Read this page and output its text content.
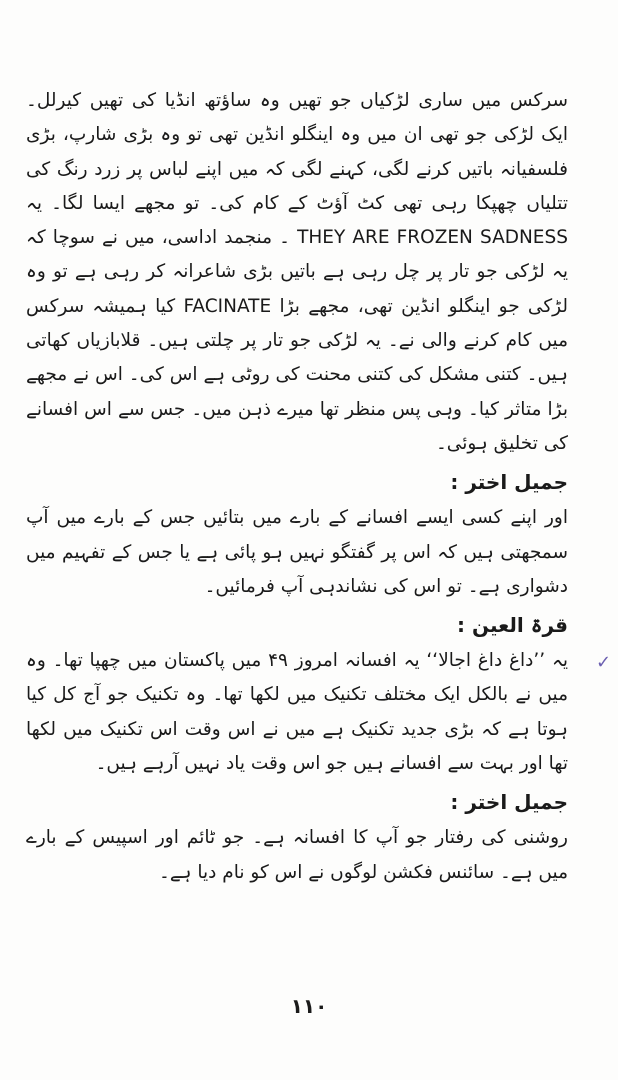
سرکس میں ساری لڑکیاں جو تھیں وہ ساؤتھ انڈیا کی تھیں کیرلل۔ ایک لڑکی جو تھی ان میں وہ اینگلو انڈین تھی تو وہ بڑی شارپ، بڑی فلسفیانہ باتیں کرنے لگی، کہنے لگی کہ میں اپنے لباس پر زرد رنگ کی تتلیاں چھپکا رہی تھی کٹ آؤٹ کے کام کی۔ تو مجھے ایسا لگا۔ یہ THEY ARE FROZEN SADNESS ۔ منجمد اداسی، میں نے سوچا کہ یہ لڑکی جو تار پر چل رہی ہے باتیں بڑی شاعرانہ کر رہی ہے تو وہ لڑکی جو اینگلو انڈین تھی، مجھے بڑا FACINATE کیا ہمیشہ سرکس میں کام کرنے والی نے۔ یہ لڑکی جو تار پر چلتی ہیں۔ قلابازیاں کھاتی ہیں۔ کتنی مشکل کی کتنی محنت کی روٹی ہے اس کی۔ اس نے مجھے بڑا متاثر کیا۔ وہی پس منظر تھا میرے ذہن میں۔ جس سے اس افسانے کی تخلیق ہوئی۔

جمیل اختر :

اور اپنے کسی ایسے افسانے کے بارے میں بتائیں جس کے بارے میں آپ سمجھتی ہیں کہ اس پر گفتگو نہیں ہو پائی ہے یا جس کے تفہیم میں دشواری ہے۔ تو اس کی نشاندہی آپ فرمائیں۔

قرۃ العین :

یہ ’’داغ داغ اجالا‘‘ یہ افسانہ امروز ۴۹ میں پاکستان میں چھپا تھا۔ وہ میں نے بالکل ایک مختلف تکنیک میں لکھا تھا۔ وہ تکنیک جو آج کل کیا ہوتا ہے کہ بڑی جدید تکنیک ہے میں نے اس وقت اس تکنیک میں لکھا تھا اور بہت سے افسانے ہیں جو اس وقت یاد نہیں آرہے ہیں۔

جمیل اختر :

روشنی کی رفتار جو آپ کا افسانہ ہے۔ جو ٹائم اور اسپیس کے بارے میں ہے۔ سائنس فکشن لوگوں نے اس کو نام دیا ہے۔

✓
۱۱۰
